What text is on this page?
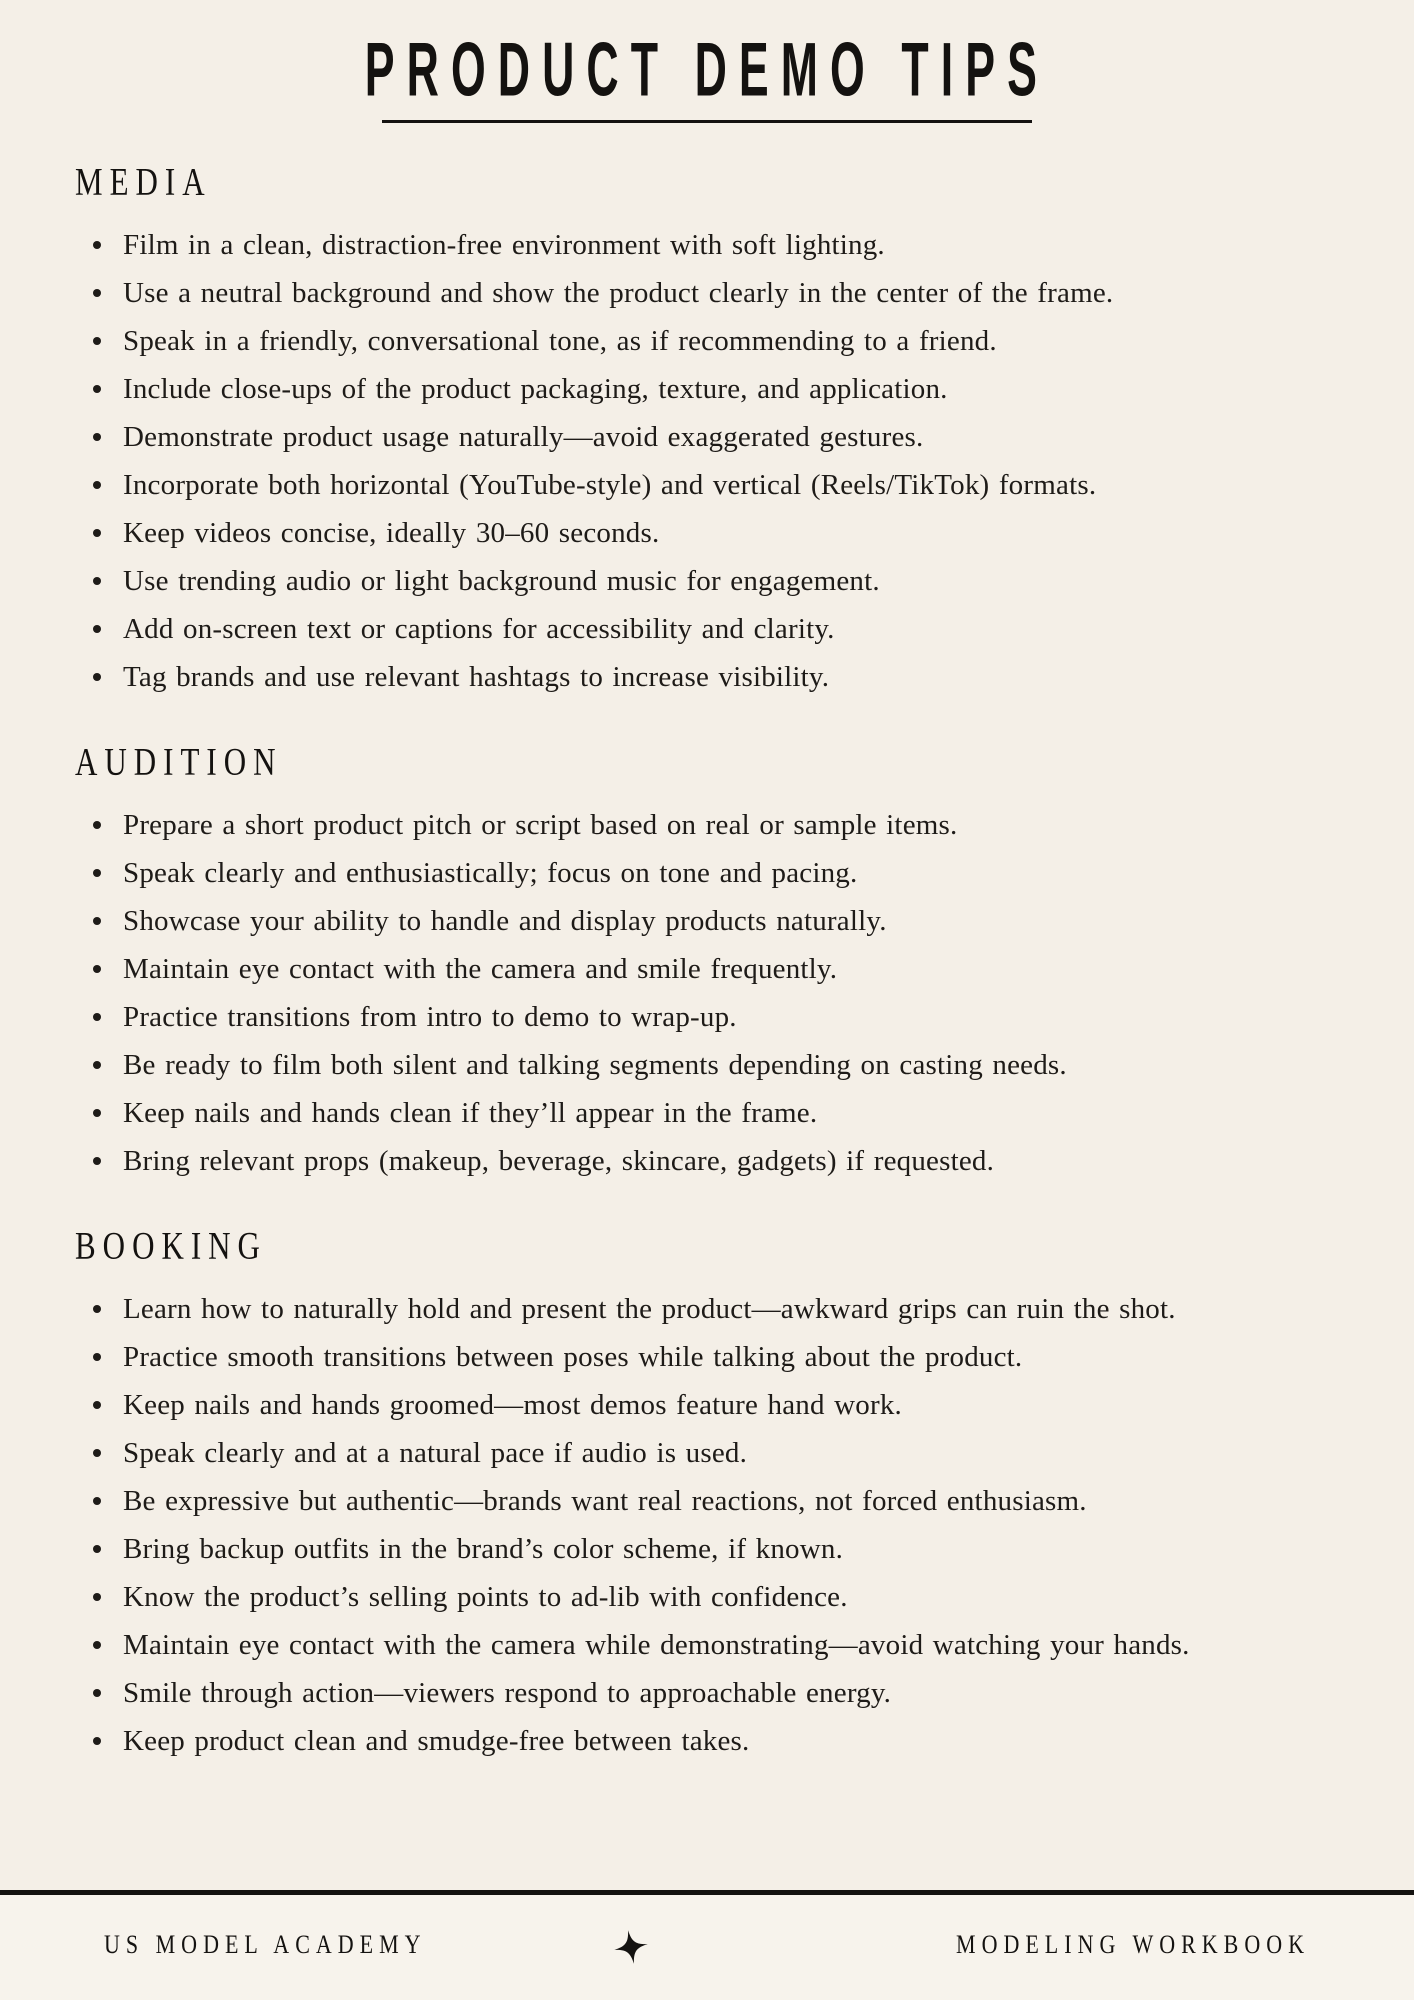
PRODUCT DEMO TIPS
MEDIA
Film in a clean, distraction-free environment with soft lighting.
Use a neutral background and show the product clearly in the center of the frame.
Speak in a friendly, conversational tone, as if recommending to a friend.
Include close-ups of the product packaging, texture, and application.
Demonstrate product usage naturally—avoid exaggerated gestures.
Incorporate both horizontal (YouTube-style) and vertical (Reels/TikTok) formats.
Keep videos concise, ideally 30–60 seconds.
Use trending audio or light background music for engagement.
Add on-screen text or captions for accessibility and clarity.
Tag brands and use relevant hashtags to increase visibility.
AUDITION
Prepare a short product pitch or script based on real or sample items.
Speak clearly and enthusiastically; focus on tone and pacing.
Showcase your ability to handle and display products naturally.
Maintain eye contact with the camera and smile frequently.
Practice transitions from intro to demo to wrap-up.
Be ready to film both silent and talking segments depending on casting needs.
Keep nails and hands clean if they’ll appear in the frame.
Bring relevant props (makeup, beverage, skincare, gadgets) if requested.
BOOKING
Learn how to naturally hold and present the product—awkward grips can ruin the shot.
Practice smooth transitions between poses while talking about the product.
Keep nails and hands groomed—most demos feature hand work.
Speak clearly and at a natural pace if audio is used.
Be expressive but authentic—brands want real reactions, not forced enthusiasm.
Bring backup outfits in the brand’s color scheme, if known.
Know the product’s selling points to ad-lib with confidence.
Maintain eye contact with the camera while demonstrating—avoid watching your hands.
Smile through action—viewers respond to approachable energy.
Keep product clean and smudge-free between takes.
US MODEL ACADEMY	MODELING WORKBOOK
